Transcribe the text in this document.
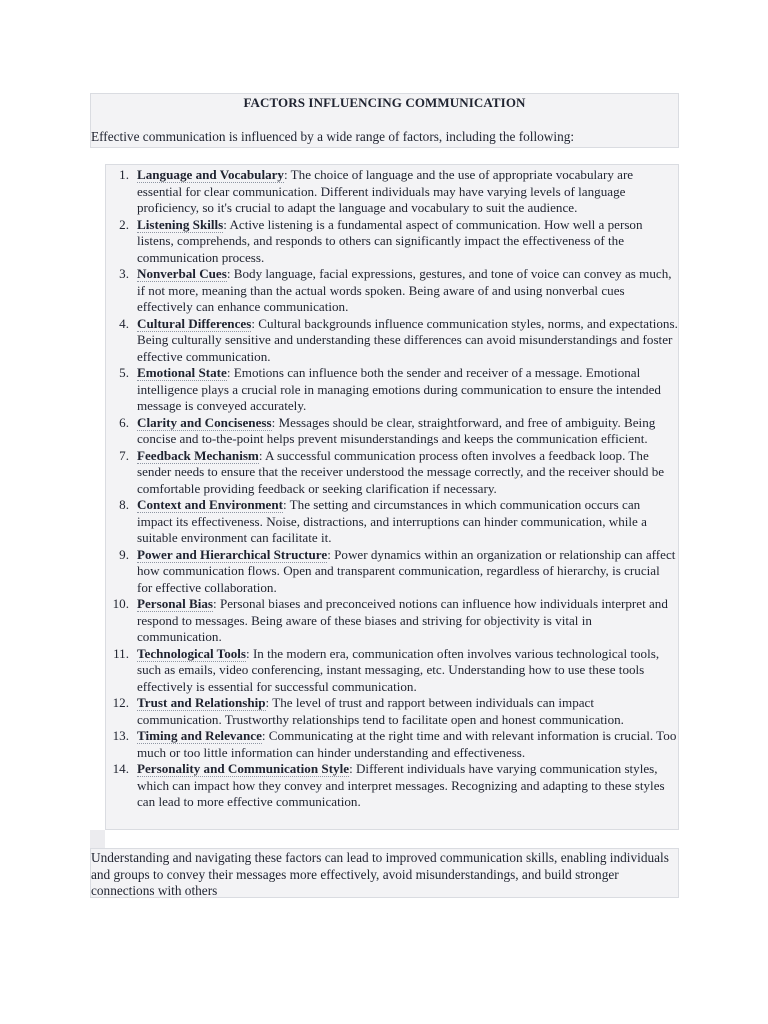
FACTORS INFLUENCING COMMUNICATION
Effective communication is influenced by a wide range of factors, including the following:
1. Language and Vocabulary: The choice of language and the use of appropriate vocabulary are essential for clear communication. Different individuals may have varying levels of language proficiency, so it's crucial to adapt the language and vocabulary to suit the audience.
2. Listening Skills: Active listening is a fundamental aspect of communication. How well a person listens, comprehends, and responds to others can significantly impact the effectiveness of the communication process.
3. Nonverbal Cues: Body language, facial expressions, gestures, and tone of voice can convey as much, if not more, meaning than the actual words spoken. Being aware of and using nonverbal cues effectively can enhance communication.
4. Cultural Differences: Cultural backgrounds influence communication styles, norms, and expectations. Being culturally sensitive and understanding these differences can avoid misunderstandings and foster effective communication.
5. Emotional State: Emotions can influence both the sender and receiver of a message. Emotional intelligence plays a crucial role in managing emotions during communication to ensure the intended message is conveyed accurately.
6. Clarity and Conciseness: Messages should be clear, straightforward, and free of ambiguity. Being concise and to-the-point helps prevent misunderstandings and keeps the communication efficient.
7. Feedback Mechanism: A successful communication process often involves a feedback loop. The sender needs to ensure that the receiver understood the message correctly, and the receiver should be comfortable providing feedback or seeking clarification if necessary.
8. Context and Environment: The setting and circumstances in which communication occurs can impact its effectiveness. Noise, distractions, and interruptions can hinder communication, while a suitable environment can facilitate it.
9. Power and Hierarchical Structure: Power dynamics within an organization or relationship can affect how communication flows. Open and transparent communication, regardless of hierarchy, is crucial for effective collaboration.
10. Personal Bias: Personal biases and preconceived notions can influence how individuals interpret and respond to messages. Being aware of these biases and striving for objectivity is vital in communication.
11. Technological Tools: In the modern era, communication often involves various technological tools, such as emails, video conferencing, instant messaging, etc. Understanding how to use these tools effectively is essential for successful communication.
12. Trust and Relationship: The level of trust and rapport between individuals can impact communication. Trustworthy relationships tend to facilitate open and honest communication.
13. Timing and Relevance: Communicating at the right time and with relevant information is crucial. Too much or too little information can hinder understanding and effectiveness.
14. Personality and Communication Style: Different individuals have varying communication styles, which can impact how they convey and interpret messages. Recognizing and adapting to these styles can lead to more effective communication.
Understanding and navigating these factors can lead to improved communication skills, enabling individuals and groups to convey their messages more effectively, avoid misunderstandings, and build stronger connections with others
